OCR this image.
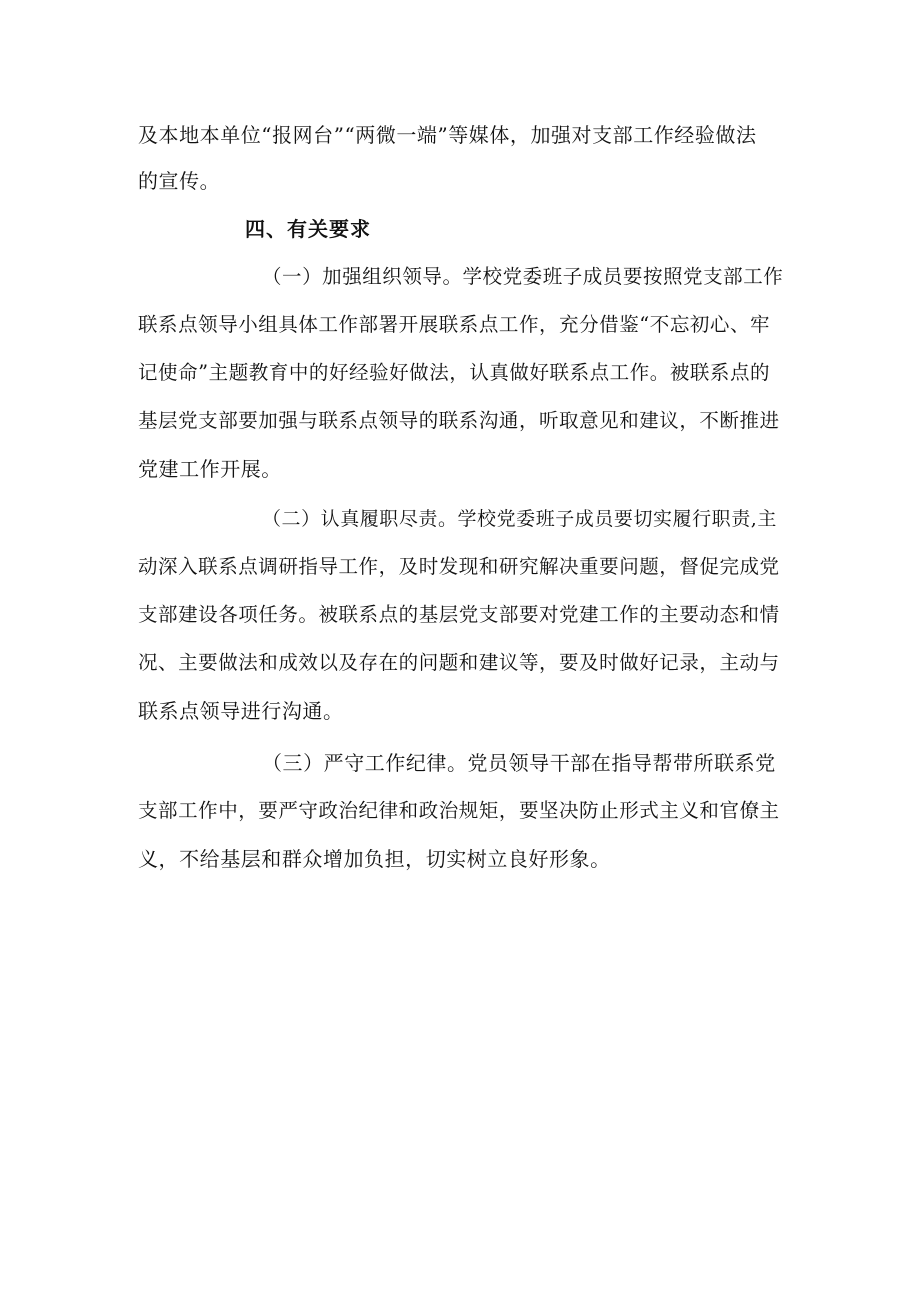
及本地本单位“报网台”“两微一端”等媒体，加强对支部工作经验做法
的宣传。
四、有关要求
（一）加强组织领导。学校党委班子成员要按照党支部工作
联系点领导小组具体工作部署开展联系点工作，充分借鉴“不忘初心、牢
记使命”主题教育中的好经验好做法，认真做好联系点工作。被联系点的
基层党支部要加强与联系点领导的联系沟通，听取意见和建议，不断推进
党建工作开展。
（二）认真履职尽责。学校党委班子成员要切实履行职责,主
动深入联系点调研指导工作，及时发现和研究解决重要问题，督促完成党
支部建设各项任务。被联系点的基层党支部要对党建工作的主要动态和情
况、主要做法和成效以及存在的问题和建议等，要及时做好记录，主动与
联系点领导进行沟通。
（三）严守工作纪律。党员领导干部在指导帮带所联系党
支部工作中，要严守政治纪律和政治规矩，要坚决防止形式主义和官僚主
义，不给基层和群众增加负担，切实树立良好形象。
